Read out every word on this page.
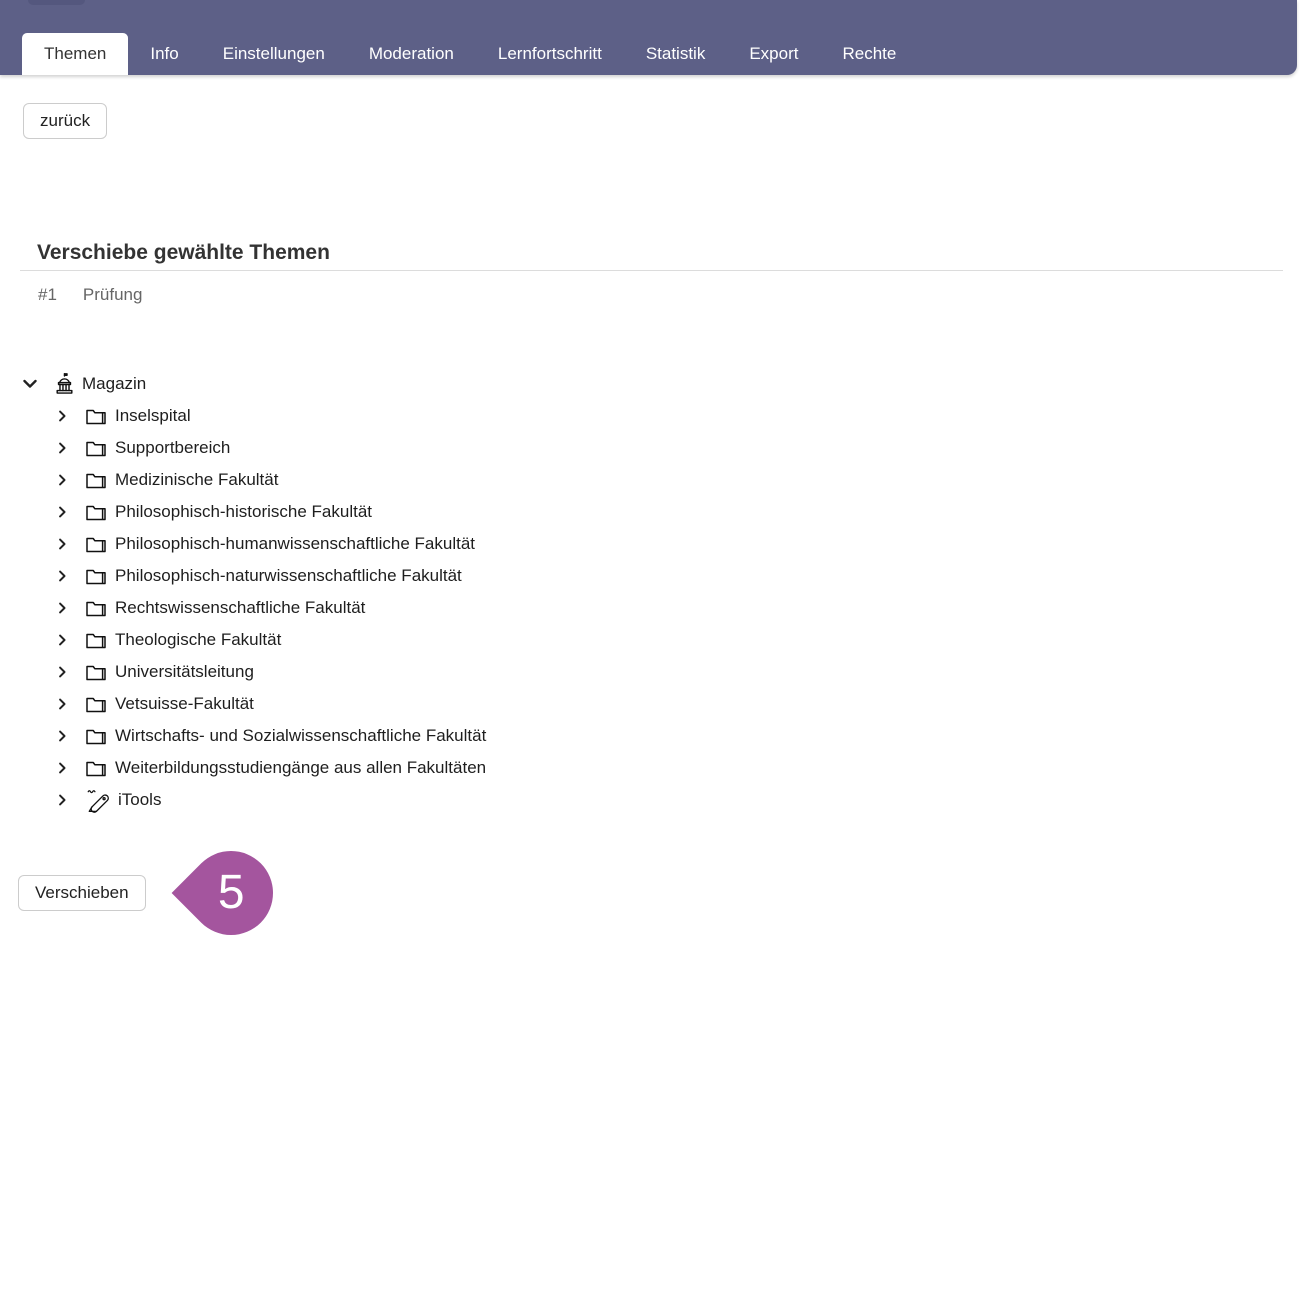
Themen	Info	Einstellungen	Moderation	Lernfortschritt	Statistik	Export	Rechte
zurück
Verschiebe gewählte Themen
#1 Prüfung
Magazin
Inselspital
Supportbereich
Medizinische Fakultät
Philosophisch-historische Fakultät
Philosophisch-humanwissenschaftliche Fakultät
Philosophisch-naturwissenschaftliche Fakultät
Rechtswissenschaftliche Fakultät
Theologische Fakultät
Universitätsleitung
Vetsuisse-Fakultät
Wirtschafts- und Sozialwissenschaftliche Fakultät
Weiterbildungsstudiengänge aus allen Fakultäten
iTools
Verschieben	5
